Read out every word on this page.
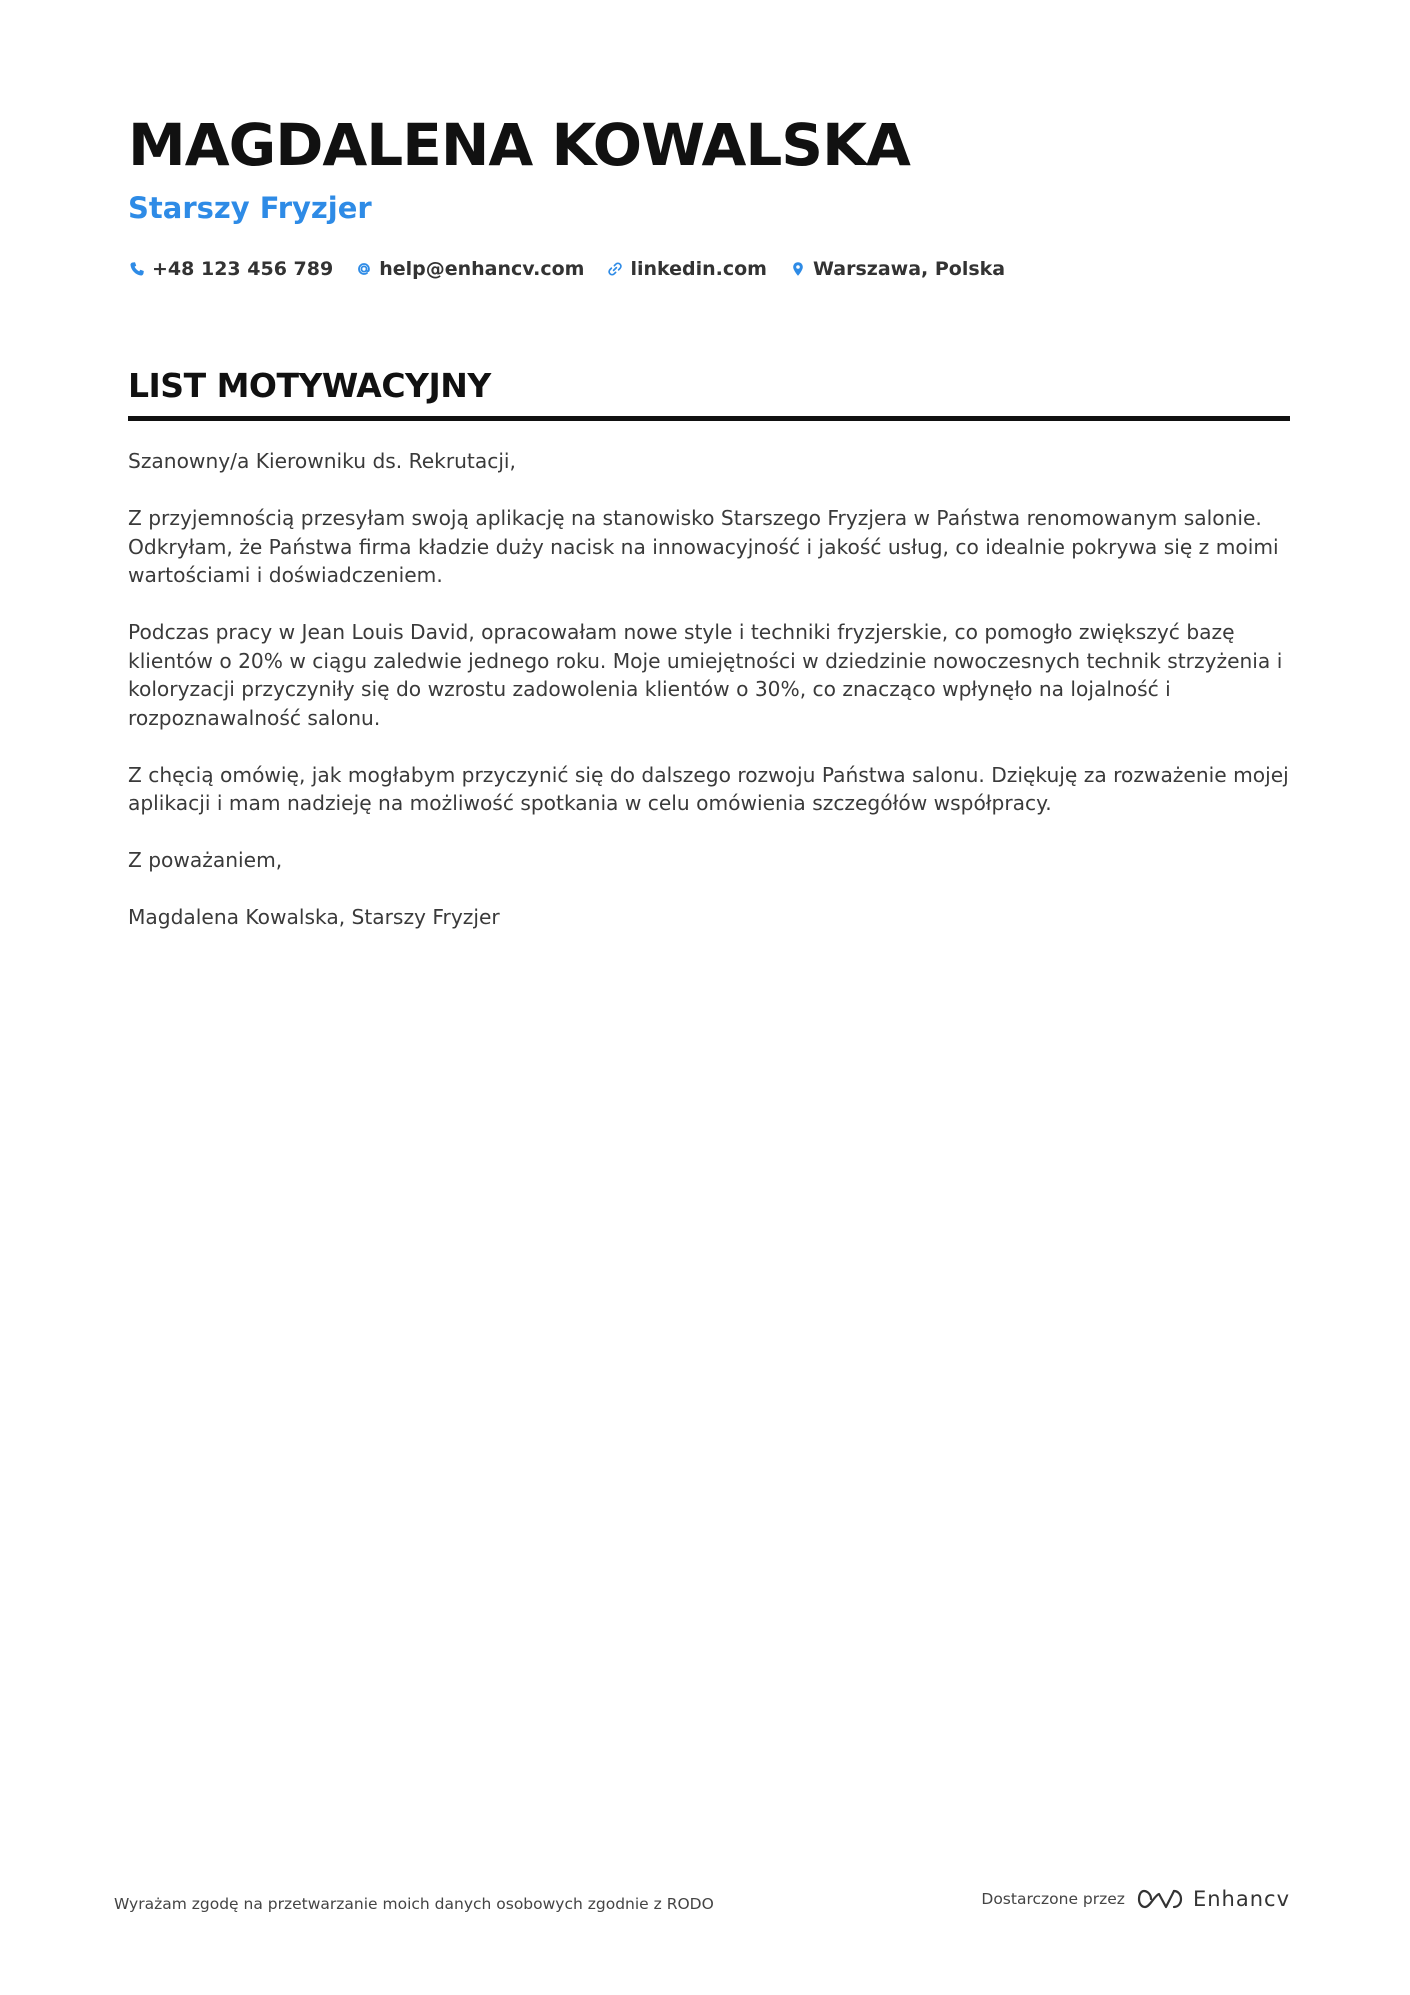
MAGDALENA KOWALSKA
Starszy Fryzjer
+48 123 456 789 help@enhancv.com linkedin.com Warszawa, Polska
LIST MOTYWACYJNY

Szanowny/a Kierowniku ds. Rekrutacji,

Z przyjemnością przesyłam swoją aplikację na stanowisko Starszego Fryzjera w Państwa renomowanym salonie. Odkryłam, że Państwa firma kładzie duży nacisk na innowacyjność i jakość usług, co idealnie pokrywa się z moimi wartościami i doświadczeniem.

Podczas pracy w Jean Louis David, opracowałam nowe style i techniki fryzjerskie, co pomogło zwiększyć bazę klientów o 20% w ciągu zaledwie jednego roku. Moje umiejętności w dziedzinie nowoczesnych technik strzyżenia i koloryzacji przyczyniły się do wzrostu zadowolenia klientów o 30%, co znacząco wpłynęło na lojalność i rozpoznawalność salonu.

Z chęcią omówię, jak mogłabym przyczynić się do dalszego rozwoju Państwa salonu. Dziękuję za rozważenie mojej aplikacji i mam nadzieję na możliwość spotkania w celu omówienia szczegółów współpracy.

Z poważaniem,

Magdalena Kowalska, Starszy Fryzjer

Wyrażam zgodę na przetwarzanie moich danych osobowych zgodnie z RODO	Dostarczone przez	Enhancv
